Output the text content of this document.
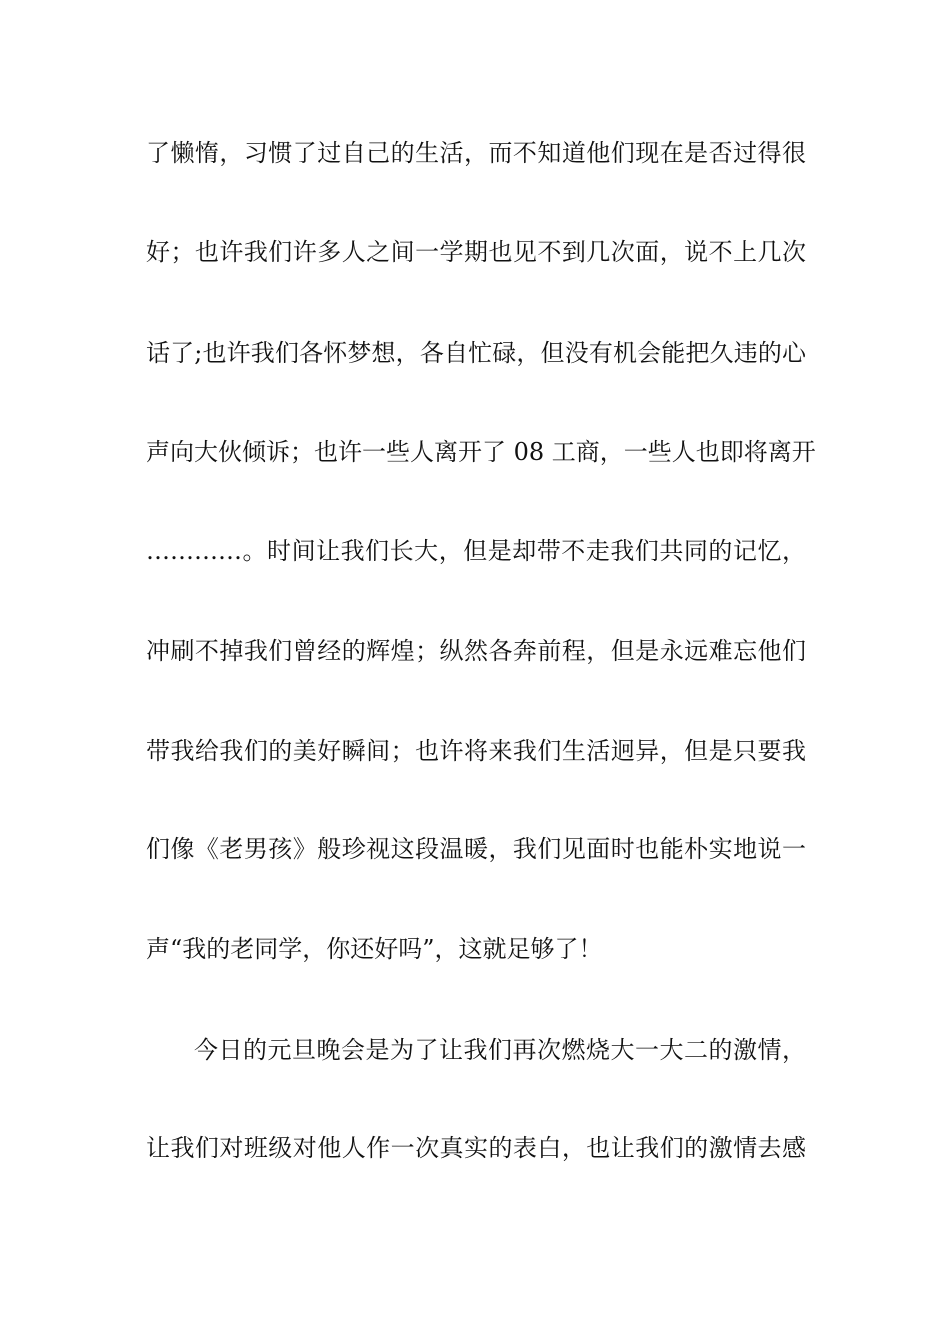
了懒惰，习惯了过自己的生活，而不知道他们现在是否过得很
好；也许我们许多人之间一学期也见不到几次面，说不上几次
话了;也许我们各怀梦想，各自忙碌，但没有机会能把久违的心
声向大伙倾诉；也许一些人离开了 08 工商，一些人也即将离开
…………。时间让我们长大，但是却带不走我们共同的记忆，
冲刷不掉我们曾经的辉煌；纵然各奔前程，但是永远难忘他们
带我给我们的美好瞬间；也许将来我们生活迥异，但是只要我
们像《老男孩》般珍视这段温暖，我们见面时也能朴实地说一
声“我的老同学，你还好吗”，这就足够了！
今日的元旦晚会是为了让我们再次燃烧大一大二的激情，
让我们对班级对他人作一次真实的表白，也让我们的激情去感
